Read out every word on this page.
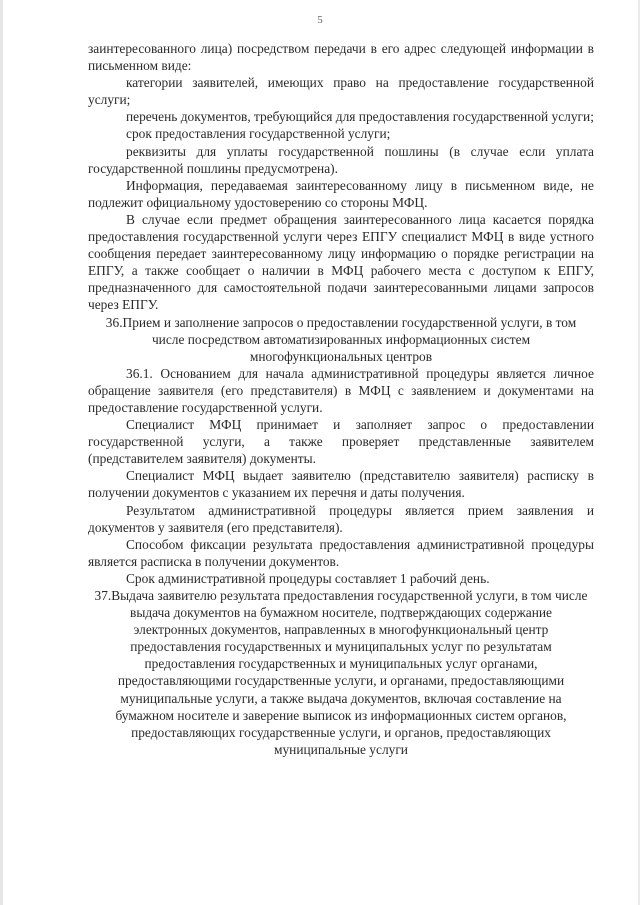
5

заинтересованного лица) посредством передачи в его адрес следующей информации в письменном виде:

категории заявителей, имеющих право на предоставление государственной услуги;

перечень документов, требующийся для предоставления государственной услуги;

срок предоставления государственной услуги;

реквизиты для уплаты государственной пошлины (в случае если уплата государственной пошлины предусмотрена).

Информация, передаваемая заинтересованному лицу в письменном виде, не подлежит официальному удостоверению со стороны МФЦ.

В случае если предмет обращения заинтересованного лица касается порядка предоставления государственной услуги через ЕПГУ специалист МФЦ в виде устного сообщения передает заинтересованному лицу информацию о порядке регистрации на ЕПГУ, а также сообщает о наличии в МФЦ рабочего места с доступом к ЕПГУ, предназначенного для самостоятельной подачи заинтересованными лицами запросов через ЕПГУ.

36.Прием и заполнение запросов о предоставлении государственной услуги, в том числе посредством автоматизированных информационных систем многофункциональных центров

36.1. Основанием для начала административной процедуры является личное обращение заявителя (его представителя) в МФЦ с заявлением и документами на предоставление государственной услуги.

Специалист МФЦ принимает и заполняет запрос о предоставлении государственной услуги, а также проверяет представленные заявителем (представителем заявителя) документы.

Специалист МФЦ выдает заявителю (представителю заявителя) расписку в получении документов с указанием их перечня и даты получения.

Результатом административной процедуры является прием заявления и документов у заявителя (его представителя).

Способом фиксации результата предоставления административной процедуры является расписка в получении документов.

Срок административной процедуры составляет 1 рабочий день.

37.Выдача заявителю результата предоставления государственной услуги, в том числе выдача документов на бумажном носителе, подтверждающих содержание электронных документов, направленных в многофункциональный центр предоставления государственных и муниципальных услуг по результатам предоставления государственных и муниципальных услуг органами, предоставляющими государственные услуги, и органами, предоставляющими муниципальные услуги, а также выдача документов, включая составление на бумажном носителе и заверение выписок из информационных систем органов, предоставляющих государственные услуги, и органов, предоставляющих муниципальные услуги
